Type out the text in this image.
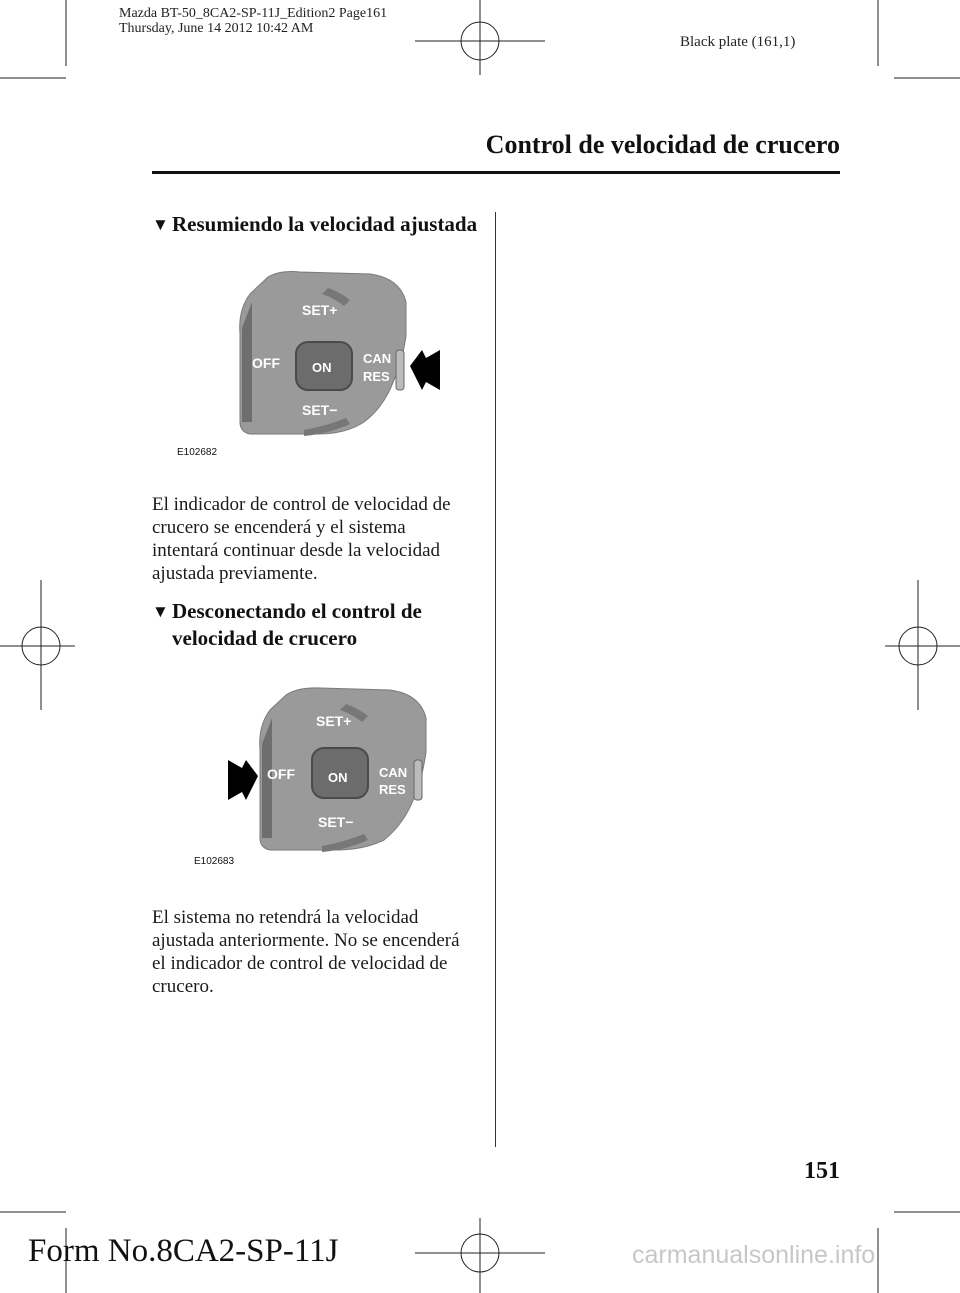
Mazda BT-50_8CA2-SP-11J_Edition2 Page161
Thursday, June 14 2012 10:42 AM
Black plate (161,1)
Control de velocidad de crucero
▼ Resumiendo la velocidad ajustada
SET+
OFF ON
CAN
RES
SET−
E102682
El indicador de control de velocidad de
crucero se encenderá y el sistema
intentará continuar desde la velocidad
ajustada previamente.
▼ Desconectando el control de
velocidad de crucero
SET+
OFF	ON CAN
RES
SET−
E102683
El sistema no retendrá la velocidad
ajustada anteriormente. No se encenderá
el indicador de control de velocidad de
crucero.
151
Form No.8CA2-SP-11J	carmanualsonline.info
